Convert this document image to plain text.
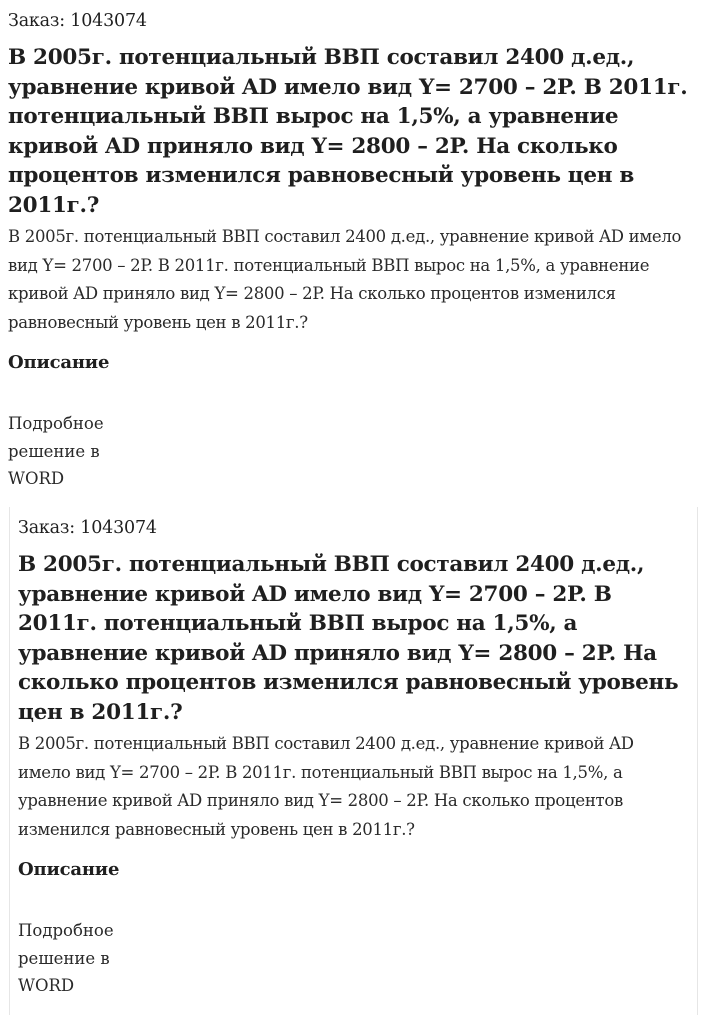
Заказ: 1043074
В 2005г. потенциальный ВВП составил 2400 д.ед., уравнение кривой AD имело вид Y= 2700 – 2P. В 2011г. потенциальный ВВП вырос на 1,5%, а уравнение кривой AD приняло вид Y= 2800 – 2P. На сколько процентов изменился равновесный уровень цен в 2011г.?
В 2005г. потенциальный ВВП составил 2400 д.ед., уравнение кривой AD имело вид Y= 2700 – 2P. В 2011г. потенциальный ВВП вырос на 1,5%, а уравнение кривой AD приняло вид Y= 2800 – 2P. На сколько процентов изменился равновесный уровень цен в 2011г.?
Описание
Подробное решение в WORD
Заказ: 1043074
В 2005г. потенциальный ВВП составил 2400 д.ед., уравнение кривой AD имело вид Y= 2700 – 2P. В 2011г. потенциальный ВВП вырос на 1,5%, а уравнение кривой AD приняло вид Y= 2800 – 2P. На сколько процентов изменился равновесный уровень цен в 2011г.?
В 2005г. потенциальный ВВП составил 2400 д.ед., уравнение кривой AD имело вид Y= 2700 – 2P. В 2011г. потенциальный ВВП вырос на 1,5%, а уравнение кривой AD приняло вид Y= 2800 – 2P. На сколько процентов изменился равновесный уровень цен в 2011г.?
Описание
Подробное решение в WORD
